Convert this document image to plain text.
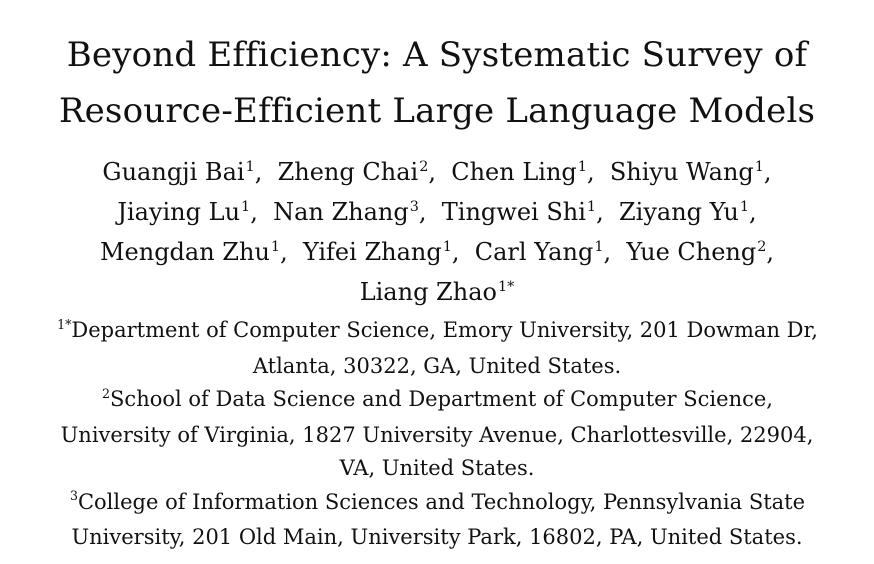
Beyond Efficiency: A Systematic Survey of
Resource-Efficient Large Language Models
Guangji Bai$^1$,  Zheng Chai$^2$,  Chen Ling$^1$,  Shiyu Wang$^1$,
Jiaying Lu$^1$,  Nan Zhang$^3$,  Tingwei Shi$^1$,  Ziyang Yu$^1$,
Mengdan Zhu$^1$,  Yifei Zhang$^1$,  Carl Yang$^1$,  Yue Cheng$^2$,
Liang Zhao$^{1*}$
$^{1*}$Department of Computer Science, Emory University, 201 Dowman Dr,
Atlanta, 30322, GA, United States.
$^2$School of Data Science and Department of Computer Science,
University of Virginia, 1827 University Avenue, Charlottesville, 22904,
VA, United States.
$^3$College of Information Sciences and Technology, Pennsylvania State
University, 201 Old Main, University Park, 16802, PA, United States.
